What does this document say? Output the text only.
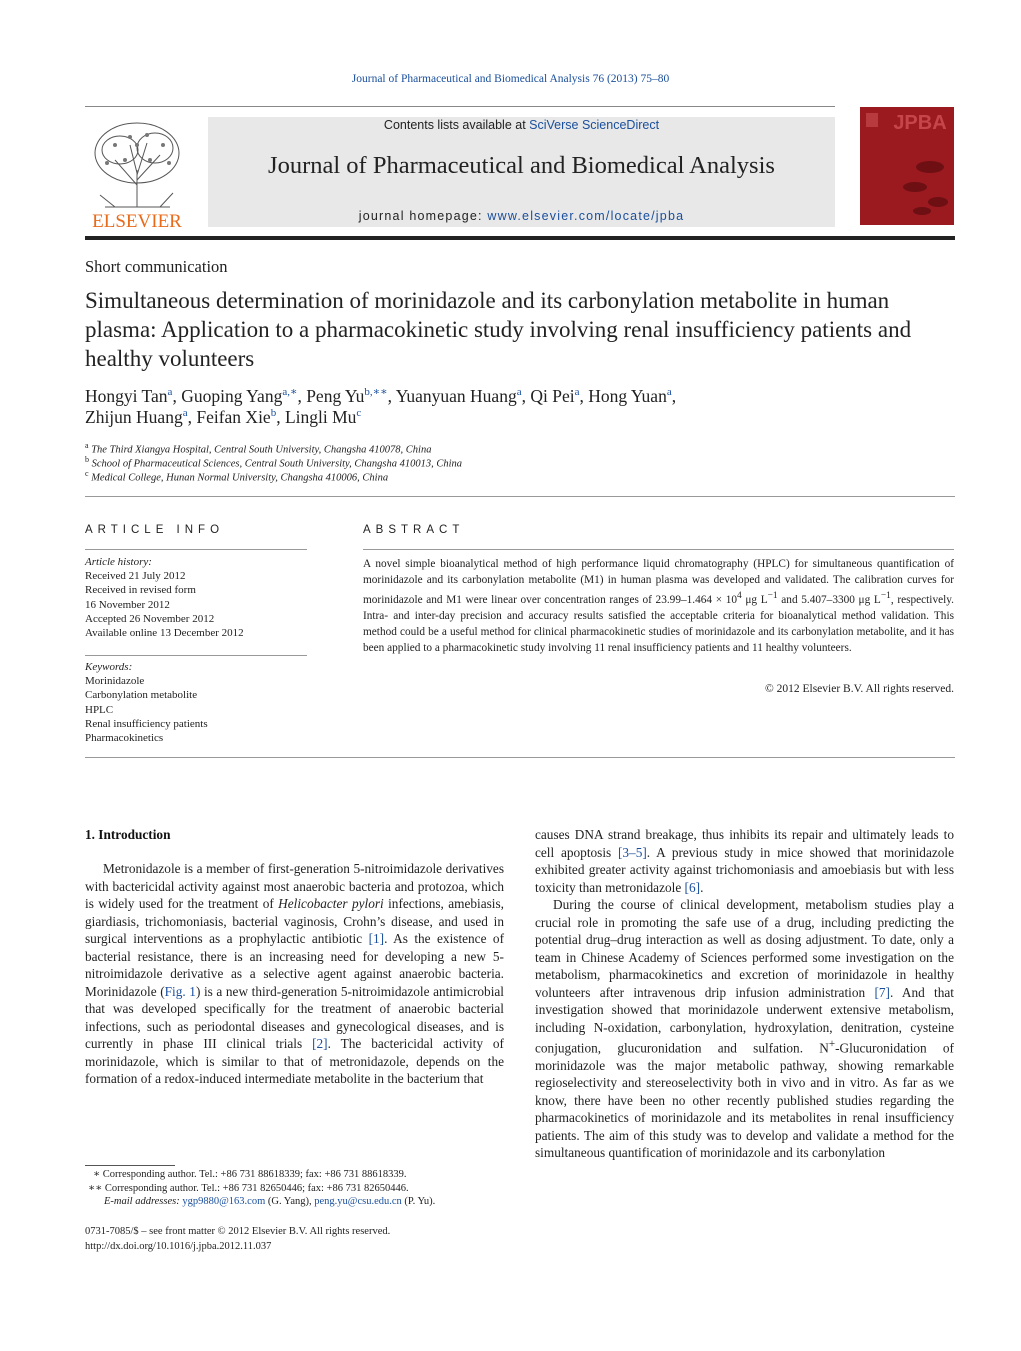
Journal of Pharmaceutical and Biomedical Analysis 76 (2013) 75–80
ELSEVIER
Contents lists available at SciVerse ScienceDirect
Journal of Pharmaceutical and Biomedical Analysis
journal homepage: www.elsevier.com/locate/jpba
JPBA
Short communication
Simultaneous determination of morinidazole and its carbonylation metabolite in human plasma: Application to a pharmacokinetic study involving renal insufficiency patients and healthy volunteers
Hongyi Tan$^a$, Guoping Yang$^{a,∗}$, Peng $Yu^{b,∗∗}$, Yuanyuan Huang$^a$, Qi Pei$^a$, Hong Yuan$^a$,
Zhijun Huang$^a$, Feifan Xie$^b$, Lingli Mu$^c$
$^a$ The Third Xiangya Hospital, Central South University, Changsha 410078, China
$^b$ School of Pharmaceutical Sciences, Central South University, Changsha 410013, China
$^c$ Medical College, Hunan Normal University, Changsha 410006, China
ARTICLE INFO
Article history:
Received 21 July 2012
Received in revised form
16 November 2012
Accepted 26 November 2012
Available online 13 December 2012
Keywords:
Morinidazole
Carbonylation metabolite
HPLC
Renal insufficiency patients
Pharmacokinetics
ABSTRACT
A novel simple bioanalytical method of high performance liquid chromatography (HPLC) for simultaneous quantification of morinidazole and its carbonylation metabolite (M1) in human plasma was developed and validated. The calibration curves for morinidazole and M1 were linear over concentration ranges of $23.99-1.464 \times 10^4$ μg $L^{-1}$ and 5.407–3300 μg $L^{-1}$, respectively. Intra- and inter-day precision and accuracy results satisfied the acceptable criteria for bioanalytical method validation. This method could be a useful method for clinical pharmacokinetic studies of morinidazole and its carbonylation metabolite, and it has been applied to a pharmacokinetic study involving 11 renal insufficiency patients and 11 healthy volunteers.
© 2012 Elsevier B.V. All rights reserved.
1. Introduction

Metronidazole is a member of first-generation 5-nitroimidazole derivatives with bactericidal activity against most anaerobic bacteria and protozoa, which is widely used for the treatment of Helicobacter pylori infections, amebiasis, giardiasis, trichomoniasis, bacterial vaginosis, Crohn’s disease, and used in surgical interventions as a prophylactic antibiotic [1]. As the existence of bacterial resistance, there is an increasing need for developing a new 5-nitroimidazole derivative as a selective agent against anaerobic bacteria. Morinidazole (Fig. 1) is a new third-generation 5-nitroimidazole antimicrobial that was developed specifically for the treatment of anaerobic bacterial infections, such as periodontal diseases and gynecological diseases, and is currently in phase III clinical trials [2]. The bactericidal activity of morinidazole, which is similar to that of metronidazole, depends on the formation of a redox-induced intermediate metabolite in the bacterium that

causes DNA strand breakage, thus inhibits its repair and ultimately leads to cell apoptosis [3–5]. A previous study in mice showed that morinidazole exhibited greater activity against trichomoniasis and amoebiasis but with less toxicity than metronidazole [6].

During the course of clinical development, metabolism studies play a crucial role in promoting the safe use of a drug, including predicting the potential drug–drug interaction as well as dosing adjustment. To date, only a team in Chinese Academy of Sciences performed some investigation on the metabolism, pharmacokinetics and excretion of morinidazole in healthy volunteers after intravenous drip infusion administration [7]. And that investigation showed that morinidazole underwent extensive metabolism, including N-oxidation, carbonylation, hydroxylation, denitration, cysteine conjugation, glucuronidation and sulfation. N+-Glucuronidation of morinidazole was the major metabolic pathway, showing remarkable regioselectivity and stereoselectivity both in vivo and in vitro. As far as we know, there have been no other recently published studies regarding the pharmacokinetics of morinidazole and its metabolites in renal insufficiency patients. The aim of this study was to develop and validate a method for the simultaneous quantification of morinidazole and its carbonylation

∗ Corresponding author. Tel.: +86 731 88618339; fax: +86 731 88618339.
∗∗ Corresponding author. Tel.: +86 731 82650446; fax: +86 731 82650446.
E-mail addresses: ygp9880@163.com (G. Yang), peng.yu@csu.edu.cn (P. Yu).
0731-7085/$ – see front matter © 2012 Elsevier B.V. All rights reserved.
http://dx.doi.org/10.1016/j.jpba.2012.11.037
